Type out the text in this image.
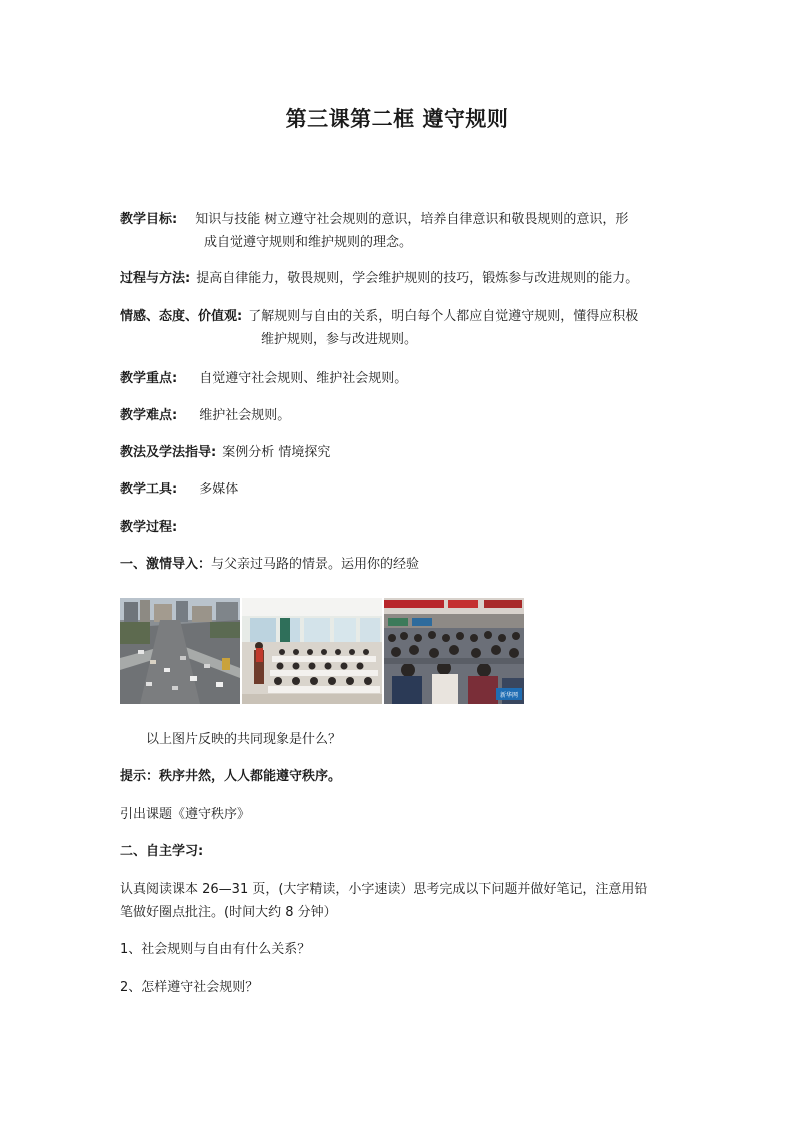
第三课第二框 遵守规则
教学目标: 知识与技能 树立遵守社会规则的意识，培养自律意识和敬畏规则的意识，形
成自觉遵守规则和维护规则的理念。
过程与方法: 提高自律能力，敬畏规则，学会维护规则的技巧，锻炼参与改进规则的能力。
情感、态度、价值观: 了解规则与自由的关系，明白每个人都应自觉遵守规则，懂得应积极
维护规则，参与改进规则。
教学重点: 自觉遵守社会规则、维护社会规则。
教学难点: 维护社会规则。
教法及学法指导: 案例分析 情境探究
教学工具: 多媒体
教学过程:
一、激情导入：与父亲过马路的情景。运用你的经验
新华网
以上图片反映的共同现象是什么？
提示：秩序井然，人人都能遵守秩序。
引出课题《遵守秩序》
二、自主学习:
认真阅读课本 26—31 页，(大字精读，小字速读）思考完成以下问题并做好笔记，注意用铅
笔做好圈点批注。(时间大约 8 分钟）
1、社会规则与自由有什么关系？
2、怎样遵守社会规则？
